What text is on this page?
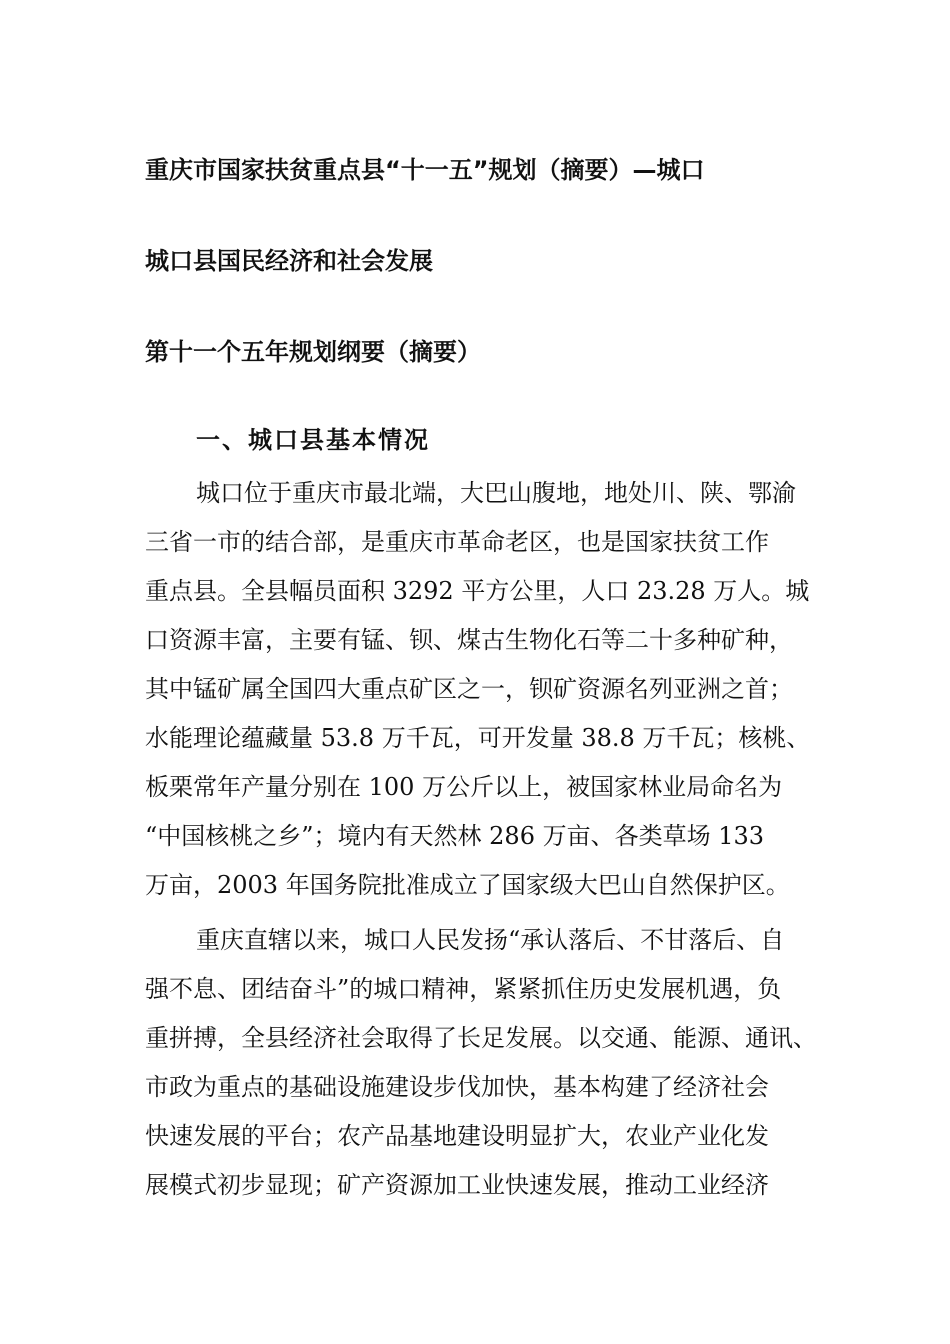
重庆市国家扶贫重点县“十一五”规划（摘要）—城口
城口县国民经济和社会发展
第十一个五年规划纲要（摘要）
一、城口县基本情况

城口位于重庆市最北端，大巴山腹地，地处川、陕、鄂渝

三省一市的结合部，是重庆市革命老区，也是国家扶贫工作

重点县。全县幅员面积 3292 平方公里，人口 23.28 万人。城

口资源丰富，主要有锰、钡、煤古生物化石等二十多种矿种，

其中锰矿属全国四大重点矿区之一，钡矿资源名列亚洲之首；

水能理论蕴藏量 53.8 万千瓦，可开发量 38.8 万千瓦；核桃、

板栗常年产量分别在 100 万公斤以上，被国家林业局命名为

“中国核桃之乡”；境内有天然林 286 万亩、各类草场 133

万亩，2003 年国务院批准成立了国家级大巴山自然保护区。

重庆直辖以来，城口人民发扬“承认落后、不甘落后、自

强不息、团结奋斗”的城口精神，紧紧抓住历史发展机遇，负

重拼搏，全县经济社会取得了长足发展。以交通、能源、通讯、

市政为重点的基础设施建设步伐加快，基本构建了经济社会

快速发展的平台；农产品基地建设明显扩大，农业产业化发

展模式初步显现；矿产资源加工业快速发展，推动工业经济
